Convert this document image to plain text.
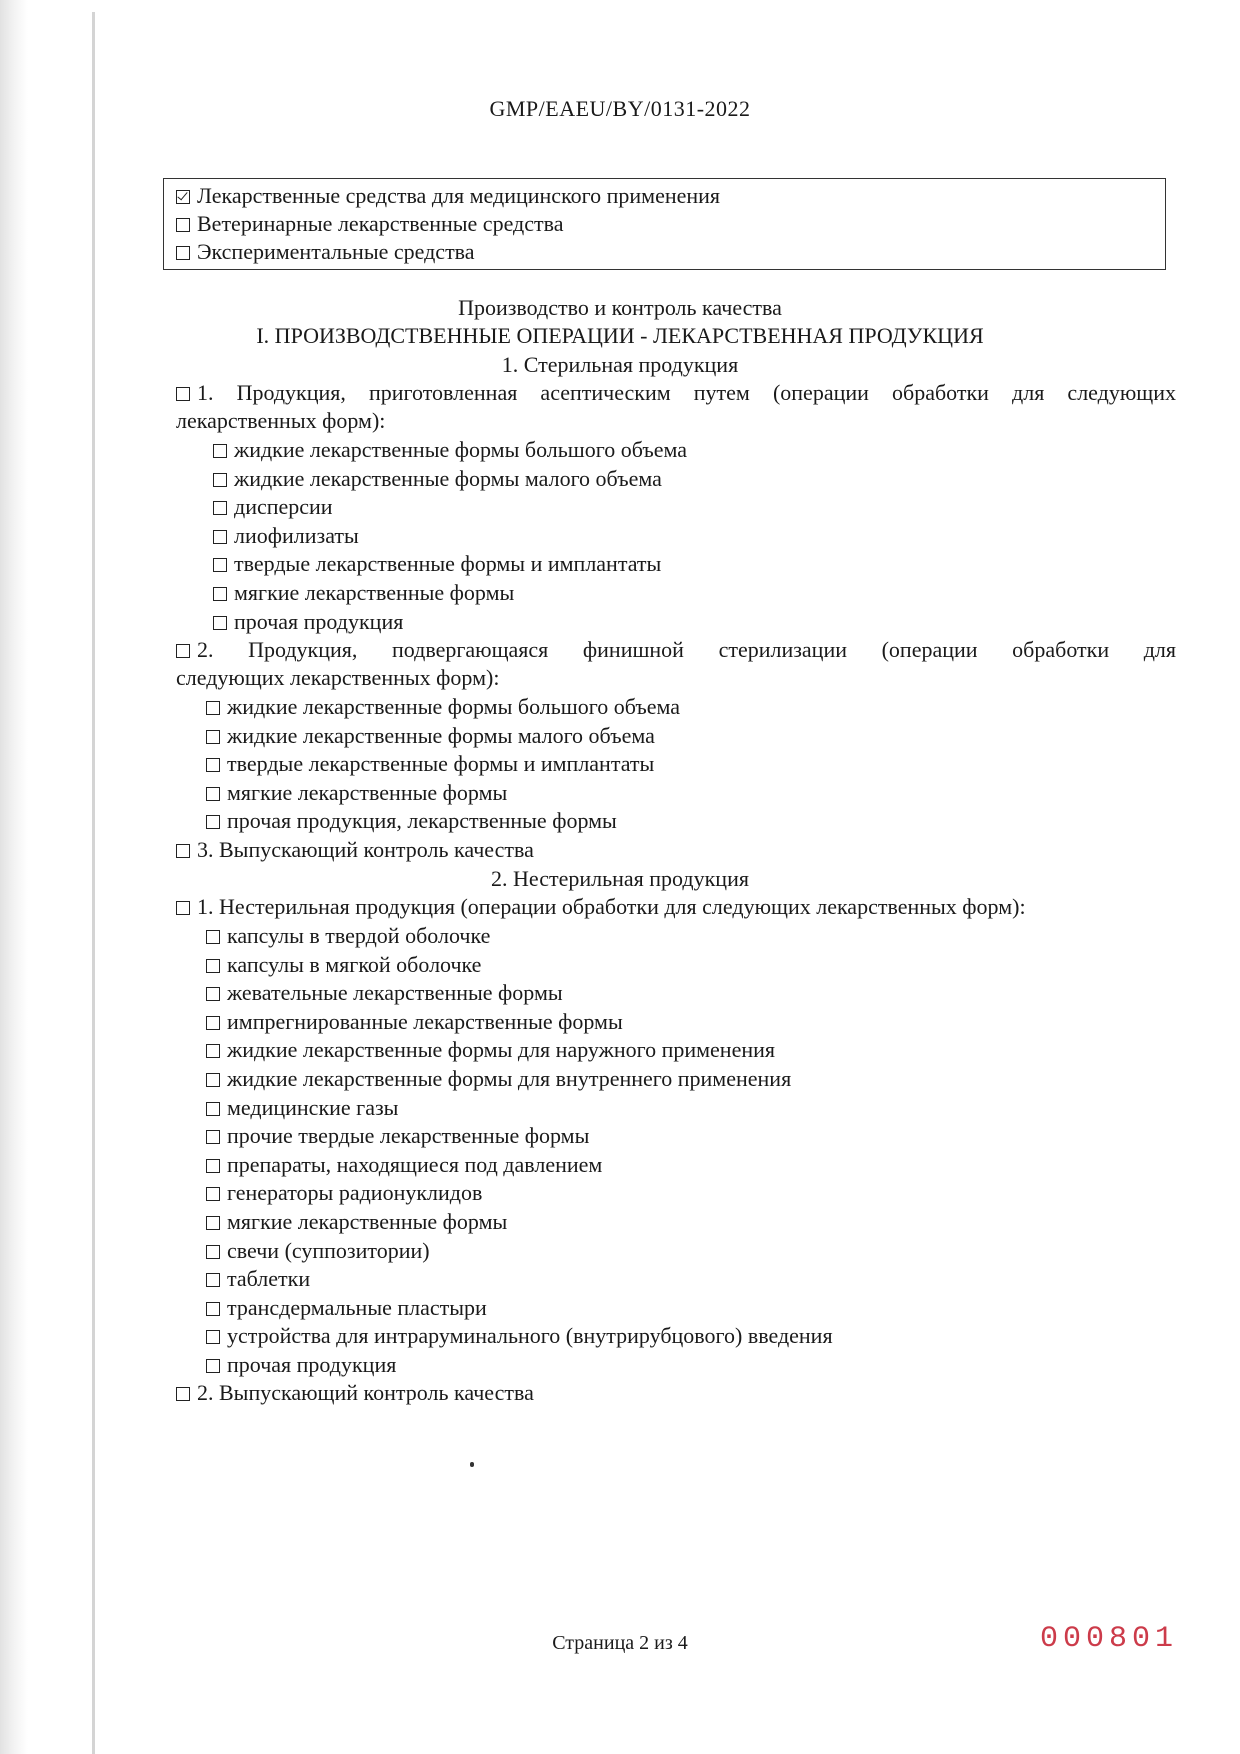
GMP/EAEU/BY/0131-2022
Лекарственные средства для медицинского применения
Ветеринарные лекарственные средства
Экспериментальные средства
Производство и контроль качества
I. ПРОИЗВОДСТВЕННЫЕ ОПЕРАЦИИ - ЛЕКАРСТВЕННАЯ ПРОДУКЦИЯ
1. Стерильная продукция
1. Продукция, приготовленная асептическим путем (операции обработки для следующих
лекарственных форм):
жидкие лекарственные формы большого объема
жидкие лекарственные формы малого объема
дисперсии
лиофилизаты
твердые лекарственные формы и имплантаты
мягкие лекарственные формы
прочая продукция
2. Продукция, подвергающаяся финишной стерилизации (операции обработки для
следующих лекарственных форм):
жидкие лекарственные формы большого объема
жидкие лекарственные формы малого объема
твердые лекарственные формы и имплантаты
мягкие лекарственные формы
прочая продукция, лекарственные формы
3. Выпускающий контроль качества
2. Нестерильная продукция
1. Нестерильная продукция (операции обработки для следующих лекарственных форм):
капсулы в твердой оболочке
капсулы в мягкой оболочке
жевательные лекарственные формы
импрегнированные лекарственные формы
жидкие лекарственные формы для наружного применения
жидкие лекарственные формы для внутреннего применения
медицинские газы
прочие твердые лекарственные формы
препараты, находящиеся под давлением
генераторы радионуклидов
мягкие лекарственные формы
свечи (суппозитории)
таблетки
трансдермальные пластыри
устройства для интраруминального (внутрирубцового) введения
прочая продукция
2. Выпускающий контроль качества
Страница 2 из 4	000801
